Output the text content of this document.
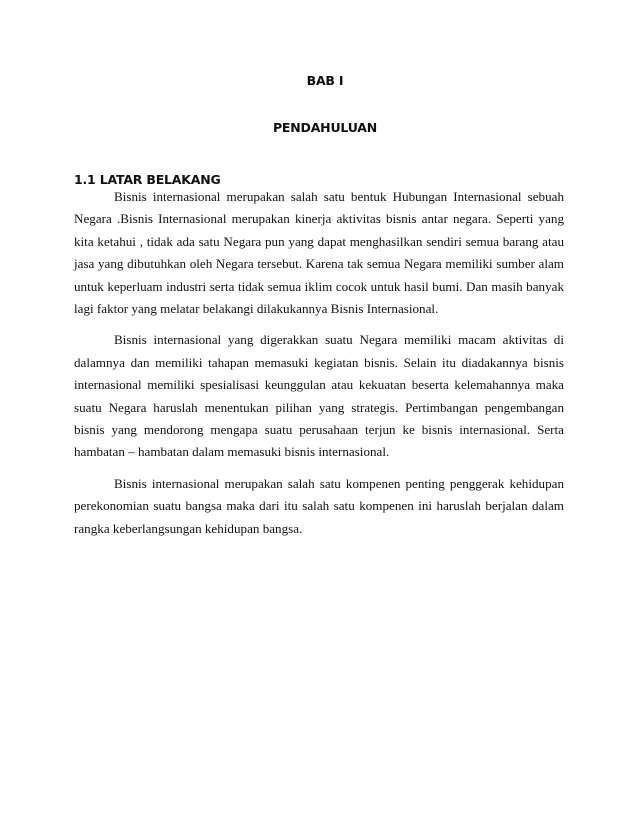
BAB I
PENDAHULUAN
1.1 LATAR BELAKANG

Bisnis internasional merupakan salah satu bentuk Hubungan Internasional sebuah Negara .Bisnis Internasional merupakan kinerja aktivitas bisnis antar negara. Seperti yang kita ketahui , tidak ada satu Negara pun yang dapat menghasilkan sendiri semua barang atau jasa yang dibutuhkan oleh Negara tersebut. Karena tak semua Negara memiliki sumber alam untuk keperluam industri serta tidak semua iklim cocok untuk hasil bumi. Dan masih banyak lagi faktor yang melatar belakangi dilakukannya Bisnis Internasional.

Bisnis internasional yang digerakkan suatu Negara memiliki macam aktivitas di dalamnya dan memiliki tahapan memasuki kegiatan bisnis. Selain itu diadakannya bisnis internasional memiliki spesialisasi keunggulan atau kekuatan beserta kelemahannya maka suatu Negara haruslah menentukan pilihan yang strategis. Pertimbangan pengembangan bisnis yang mendorong mengapa suatu perusahaan terjun ke bisnis internasional. Serta hambatan – hambatan dalam memasuki bisnis internasional.

Bisnis internasional merupakan salah satu kompenen penting penggerak kehidupan perekonomian suatu bangsa maka dari itu salah satu kompenen ini haruslah berjalan dalam rangka keberlangsungan kehidupan bangsa.
